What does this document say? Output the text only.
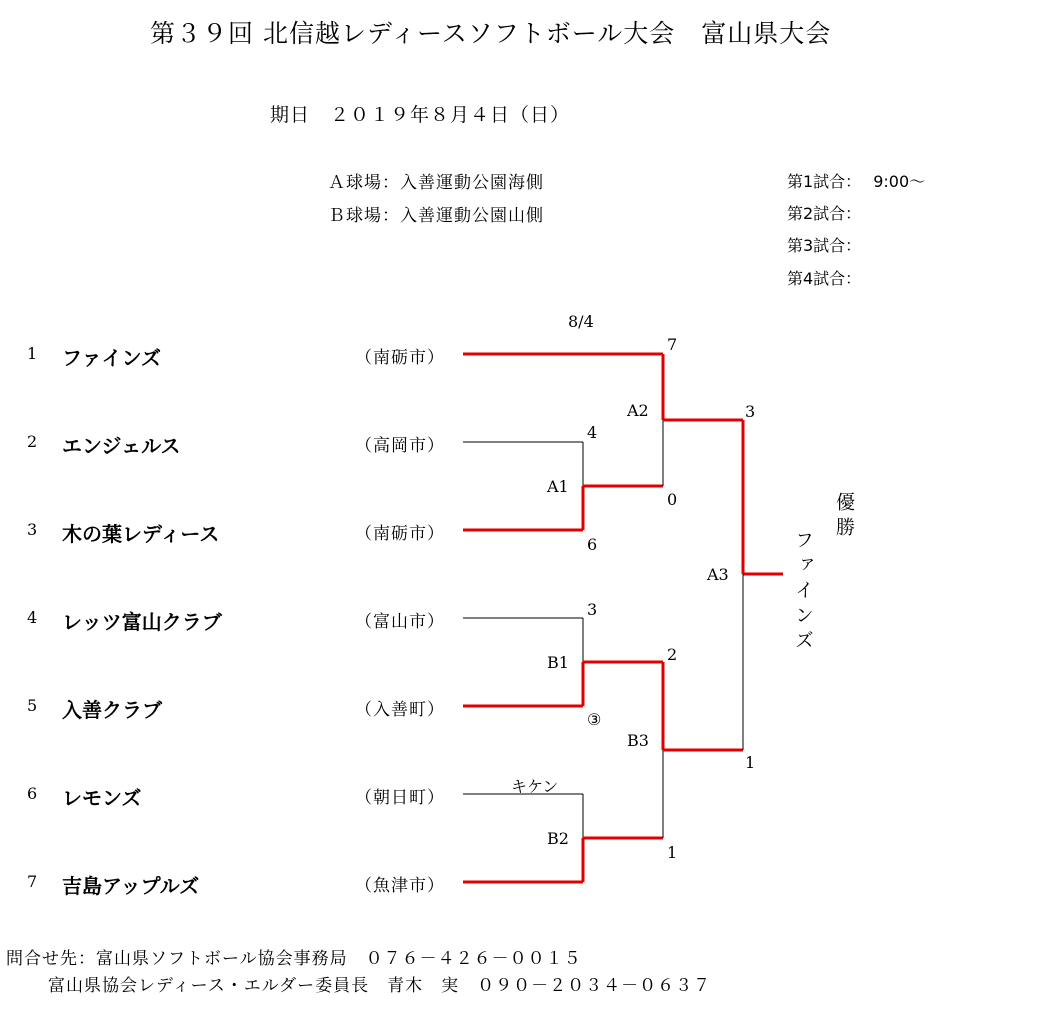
第３９回 北信越レディースソフトボール大会　富山県大会
期日　２０１９年８月４日（日）
Ａ球場：入善運動公園海側
Ｂ球場：入善運動公園山側
第1試合： 9:00〜
第2試合：
第3試合：
第4試合：
1 ファインズ	（南砺市）
2 エンジェルス	（高岡市）
3 木の葉レディース	（南砺市）
4 レッツ富山クラブ	（富山市）
5 入善クラブ	（入善町）
6 レモンズ	（朝日町）
7 吉島アップルズ	（魚津市）
8/4
7
A2	3
4
A1
0
6
A3
3
2
B1
③
B3
1
キケン
B2
1
優勝
ファインズ
問合せ先：富山県ソフトボール協会事務局　０７６－４２６－００１５
富山県協会レディース・エルダー委員長　青木　実　０９０－２０３４－０６３７
